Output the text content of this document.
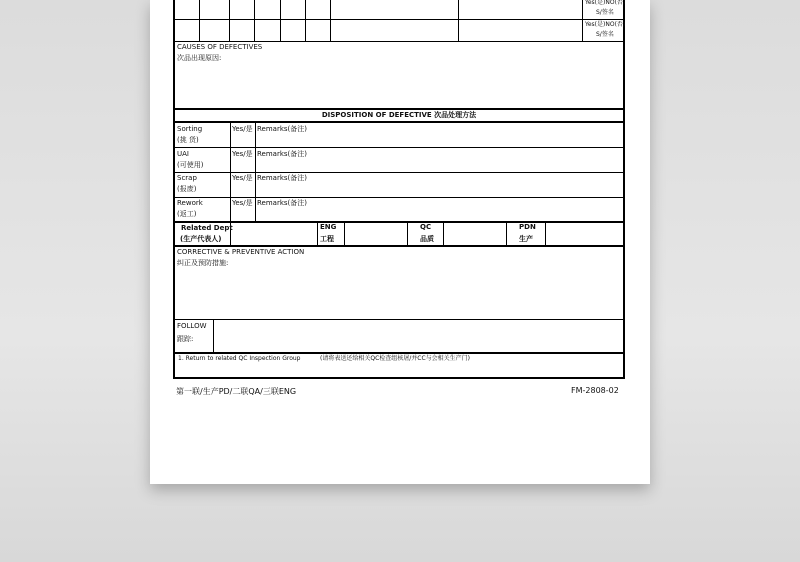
Yes(是)NO(否)
S/签名
Yes(是)NO(否)
S/签名
CAUSES OF DEFECTIVES
次品出现原因:
DISPOSITION OF DEFECTIVE 次品处理方法
Sorting
(挑 货)
Yes/是 Remarks(备注)
UAI
(可使用)
Yes/是 Remarks(备注)
Scrap
(报废)
Yes/是 Remarks(备注)
Rework
(返工)
Yes/是 Remarks(备注)
Related Dept
(生产代表人)
ENG
工程
QC
品质
PDN
生产
CORRECTIVE & PREVENTIVE ACTION
纠正及预防措施:
FOLLOW
跟踪:
1. Return to related QC Inspection Group	(请将表送还给相关QC检查组核屠/并CC与会相关生产门)
第一联/生产PD/二联QA/三联ENG	FM-2808-02
